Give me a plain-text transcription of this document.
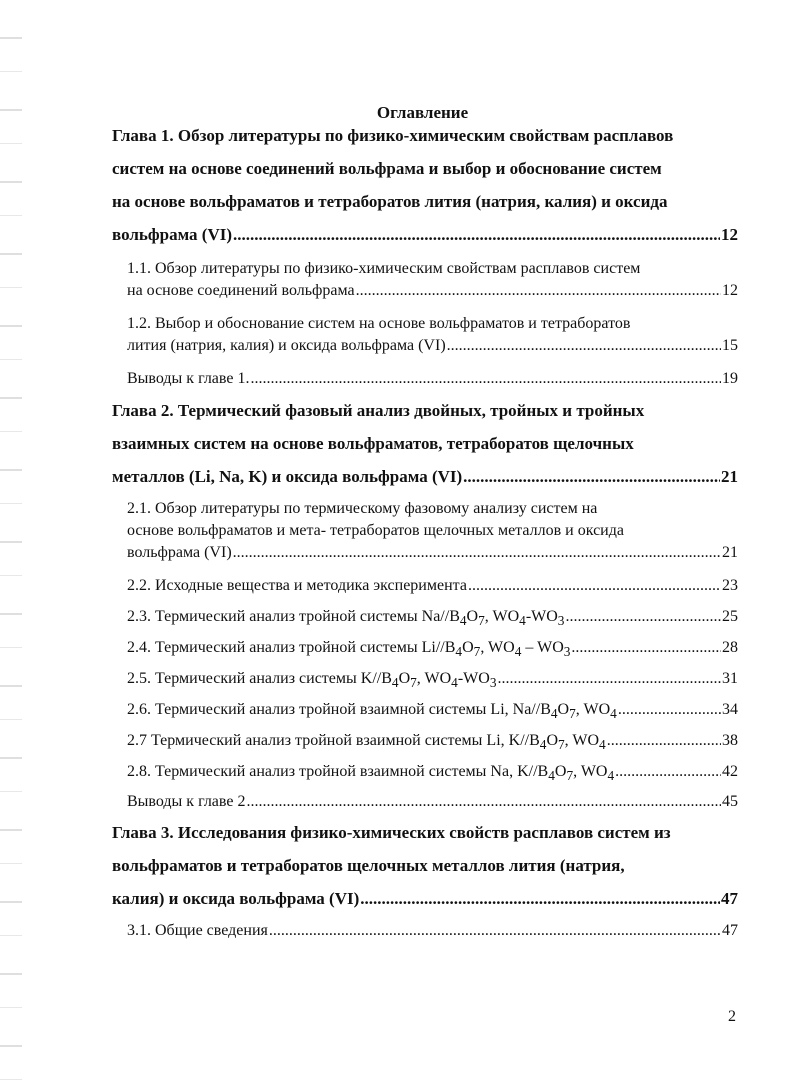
Оглавление
Глава 1. Обзор литературы по физико-химическим свойствам расплавов
систем на основе соединений вольфрама и выбор и обоснование систем
на основе вольфраматов и тетраборатов лития (натрия, калия) и оксида
вольфрама (VI) .....	12
1.1. Обзор литературы по физико-химическим свойствам расплавов систем
на основе соединений вольфрама .....	12
1.2. Выбор и обоснование систем на основе вольфраматов и тетраборатов
лития (натрия, калия) и оксида вольфрама (VI) .....	15
Выводы к главе 1. .....	19
Глава 2. Термический фазовый анализ двойных, тройных и тройных
взаимных систем на основе вольфраматов, тетраборатов щелочных
металлов (Li, Na, K) и оксида вольфрама (VI) .....	21
2.1. Обзор литературы по термическому фазовому анализу систем на
основе вольфраматов и мета- тетраборатов щелочных металлов и оксида
вольфрама (VI) .....	21
2.2. Исходные вещества и методика эксперимента .....	23
2.3. Термический анализ тройной системы $Na//B_4O_7$, $WO_4-WO_3$ .....	25
2.4. Термический анализ тройной системы $Li//B_4O_7$, $WO_4 - WO_3$ .....	28
2.5. Термический анализ системы $K//B_4O_7$, $WO_4-WO_3$ .....	31
2.6. Термический анализ тройной взаимной системы Li, $Na//B_4O_7$, $WO_4$ .....	34
2.7 Термический анализ тройной взаимной системы Li, $K//B_4O_7$, $WO_4$ .....	38
2.8. Термический анализ тройной взаимной системы Na, $K//B_4O_7$, $WO_4$ .....	42
Выводы к главе 2 .....	45
Глава 3. Исследования физико-химических свойств расплавов систем из
вольфраматов и тетраборатов щелочных металлов лития (натрия,
калия) и оксида вольфрама (VI) .....	47
3.1. Общие сведения .....	47
2
